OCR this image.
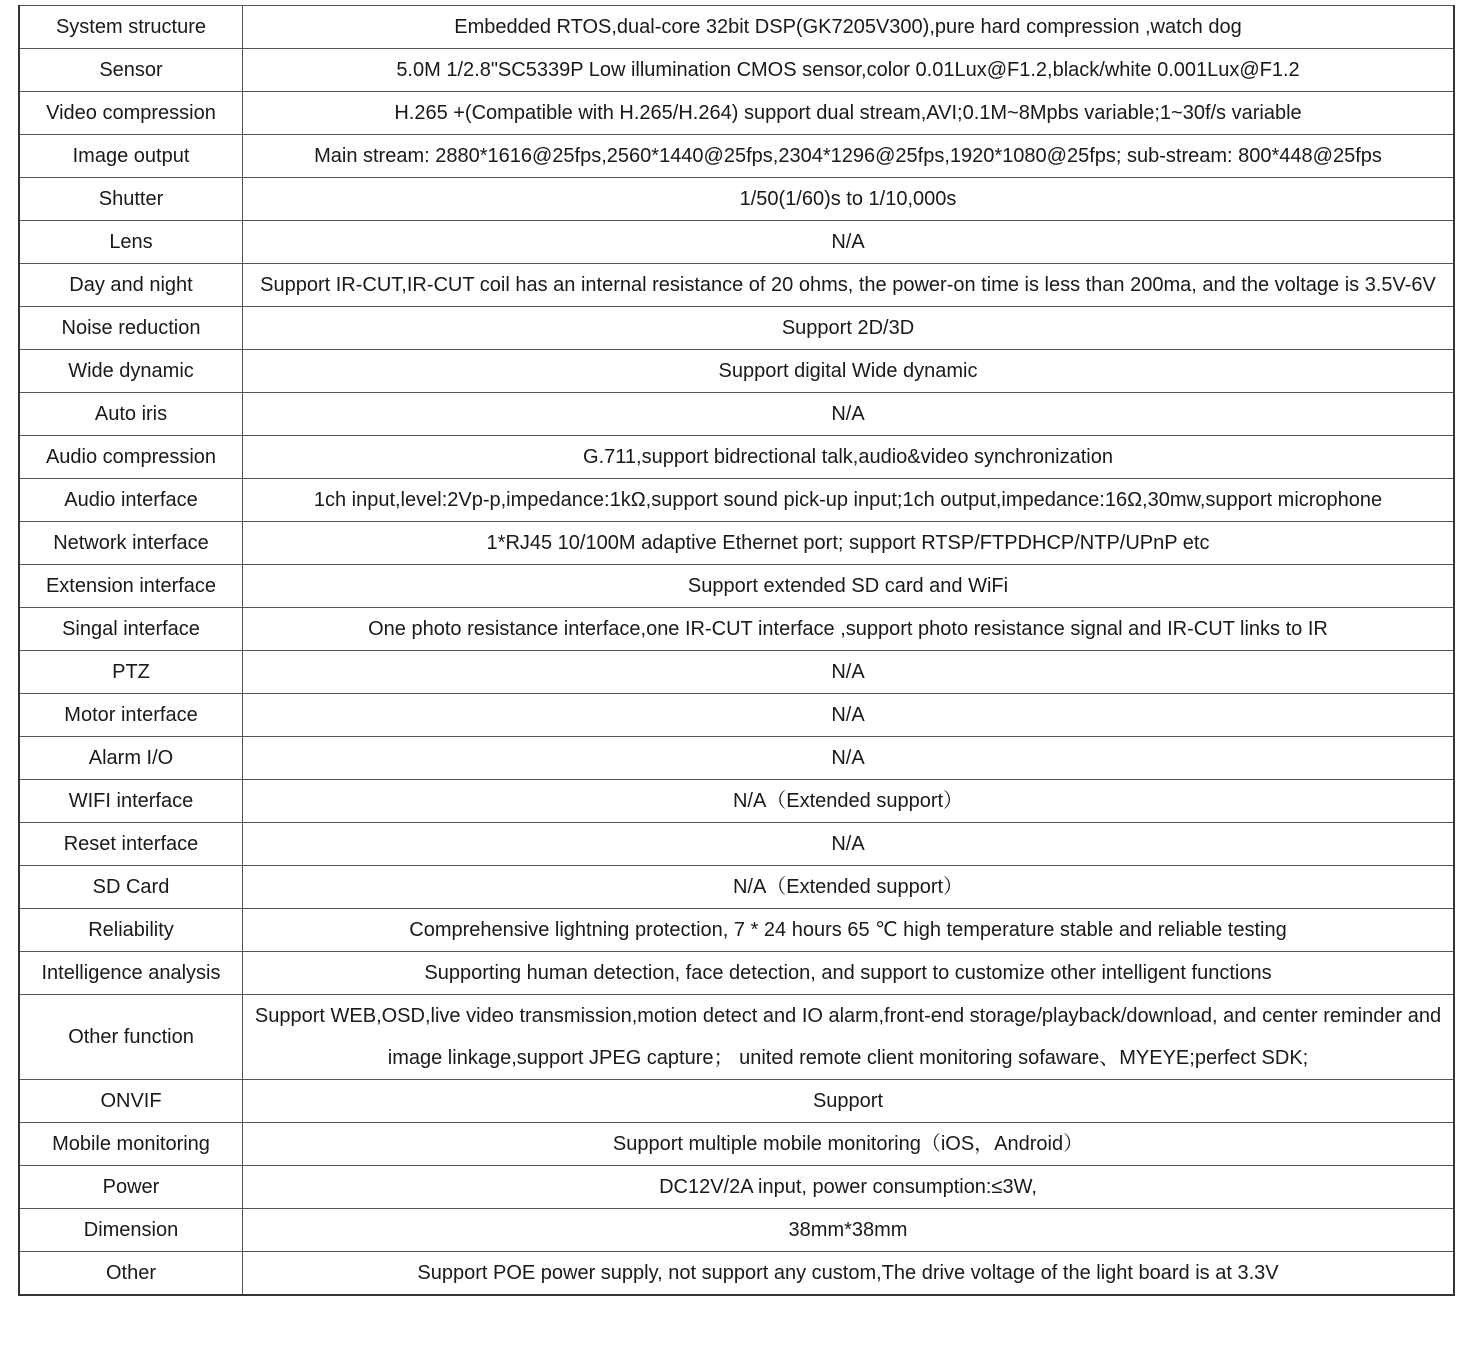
System structure	Embedded RTOS,dual-core 32bit DSP(GK7205V300),pure hard compression ,watch dog
Sensor	5.0M 1/2.8"SC5339P Low illumination CMOS sensor,color 0.01Lux@F1.2,black/white 0.001Lux@F1.2
Video compression	H.265 +(Compatible with H.265/H.264) support dual stream,AVI;0.1M~8Mpbs variable;1~30f/s variable
Image output	Main stream: 2880*1616@25fps,2560*1440@25fps,2304*1296@25fps,1920*1080@25fps; sub-stream: 800*448@25fps
Shutter	1/50(1/60)s to 1/10,000s
Lens	N/A
Day and night	Support IR-CUT,IR-CUT coil has an internal resistance of 20 ohms, the power-on time is less than 200ma, and the voltage is 3.5V-6V
Noise reduction	Support 2D/3D
Wide dynamic	Support digital Wide dynamic
Auto iris	N/A
Audio compression	G.711,support bidrectional talk,audio&video synchronization
Audio interface	1ch input,level:2Vp-p,impedance:1kΩ,support sound pick-up input;1ch output,impedance:16Ω,30mw,support microphone
Network interface	1*RJ45 10/100M adaptive Ethernet port; support RTSP/FTPDHCP/NTP/UPnP etc
Extension interface	Support extended SD card and WiFi
Singal interface	One photo resistance interface,one IR-CUT interface ,support photo resistance signal and IR-CUT links to IR
PTZ	N/A
Motor interface	N/A
Alarm I/O	N/A
WIFI interface	N/A（Extended support）
Reset interface	N/A
SD Card	N/A（Extended support）
Reliability	Comprehensive lightning protection, 7 * 24 hours 65 ℃ high temperature stable and reliable testing
Intelligence analysis	Supporting human detection, face detection, and support to customize other intelligent functions
Other function	Support WEB,OSD,live video transmission,motion detect and IO alarm,front-end storage/playback/download, and center reminder and image linkage,support JPEG capture； united remote client monitoring sofaware、MYEYE;perfect SDK;
ONVIF	Support
Mobile monitoring	Support multiple mobile monitoring（iOS，Android）
Power	DC12V/2A input, power consumption:≤3W,
Dimension	38mm*38mm
Other	Support POE power supply, not support any custom,The drive voltage of the light board is at 3.3V
